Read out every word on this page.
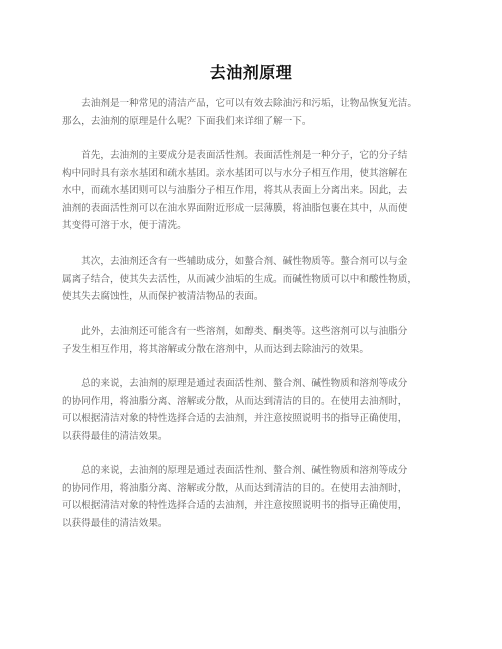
去油剂原理
　　去油剂是一种常见的清洁产品，它可以有效去除油污和污垢，让物品恢复光洁。
那么，去油剂的原理是什么呢？下面我们来详细了解一下。
　　首先，去油剂的主要成分是表面活性剂。表面活性剂是一种分子，它的分子结
构中同时具有亲水基团和疏水基团。亲水基团可以与水分子相互作用，使其溶解在
水中，而疏水基团则可以与油脂分子相互作用，将其从表面上分离出来。因此，去
油剂的表面活性剂可以在油水界面附近形成一层薄膜，将油脂包裹在其中，从而使
其变得可溶于水，便于清洗。
　　其次，去油剂还含有一些辅助成分，如螯合剂、碱性物质等。螯合剂可以与金
属离子结合，使其失去活性，从而减少油垢的生成。而碱性物质可以中和酸性物质，
使其失去腐蚀性，从而保护被清洁物品的表面。
　　此外，去油剂还可能含有一些溶剂，如醇类、酮类等。这些溶剂可以与油脂分
子发生相互作用，将其溶解或分散在溶剂中，从而达到去除油污的效果。
　　总的来说，去油剂的原理是通过表面活性剂、螯合剂、碱性物质和溶剂等成分
的协同作用，将油脂分离、溶解或分散，从而达到清洁的目的。在使用去油剂时，
可以根据清洁对象的特性选择合适的去油剂，并注意按照说明书的指导正确使用，
以获得最佳的清洁效果。
　　总的来说，去油剂的原理是通过表面活性剂、螯合剂、碱性物质和溶剂等成分
的协同作用，将油脂分离、溶解或分散，从而达到清洁的目的。在使用去油剂时，
可以根据清洁对象的特性选择合适的去油剂，并注意按照说明书的指导正确使用，
以获得最佳的清洁效果。
